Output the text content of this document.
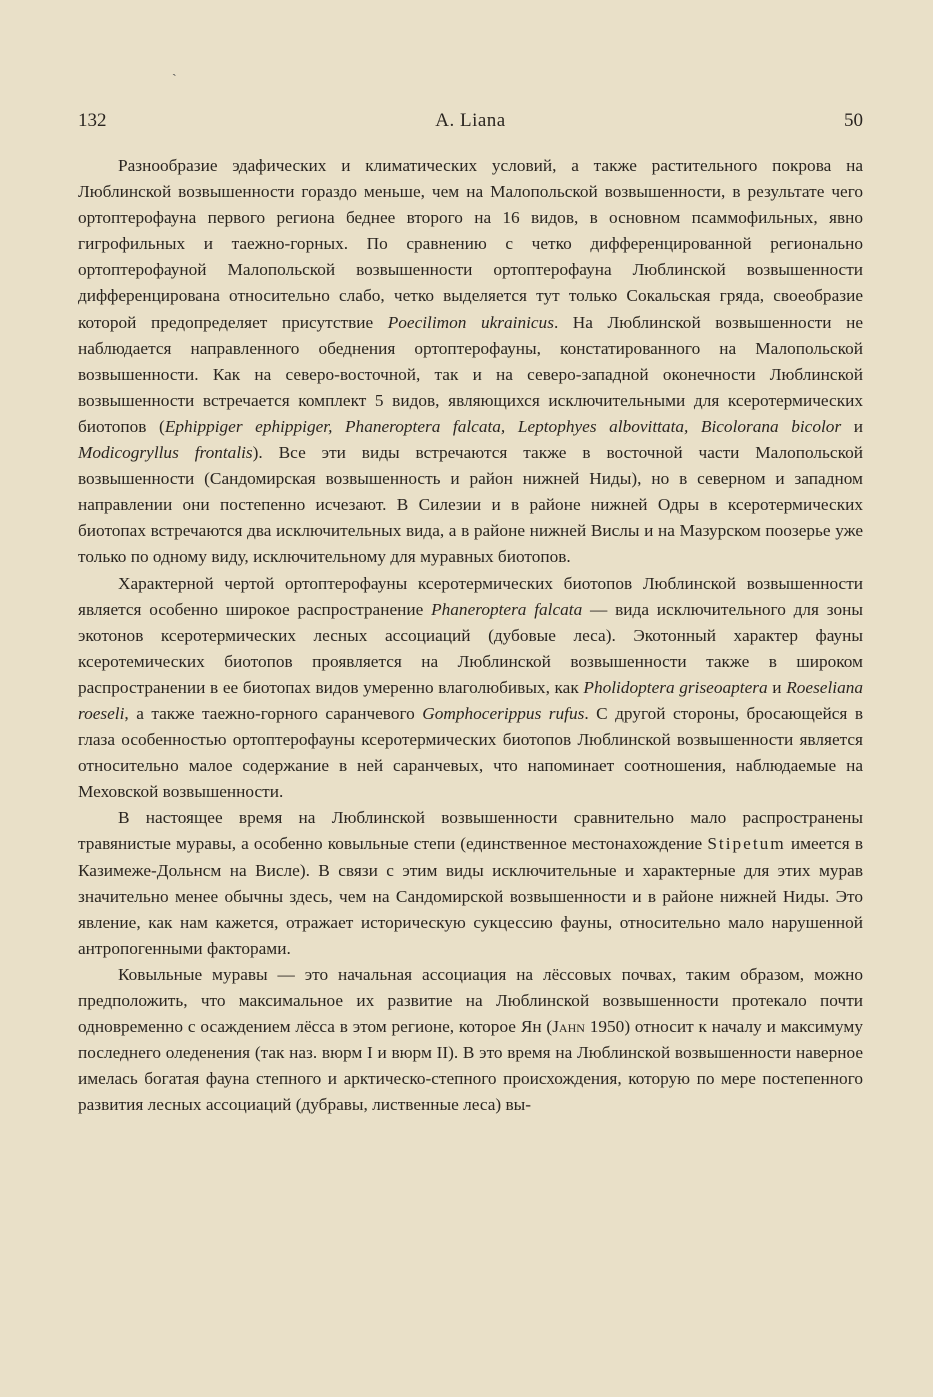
ˎ
132	A. Liana	50

Разнообразие эдафических и климатических условий, а также растительного покрова на Люблинской возвышенности гораздо меньше, чем на Малопольской возвышенности, в результате чего ортоптерофауна первого региона беднее второго на 16 видов, в основном псаммофильных, явно гигрофильных и таежно-горных. По сравнению с четко дифференцированной регионально ортоптерофауной Малопольской возвышенности ортоптерофауна Люблинской возвышенности дифференцирована относительно слабо, четко выделяется тут только Сокальская гряда, своеобразие которой предопределяет присутствие Poecilimon ukrainicus. На Люблинской возвышенности не наблюдается направленного обеднения ортоптерофауны, констатированного на Малопольской возвышенности. Как на северо-восточной, так и на северо-западной оконечности Люблинской возвышенности встречается комплект 5 видов, являющихся исключительными для ксеротермических биотопов (Ephippiger ephippiger, Phaneroptera falcata, Leptophyes albovittata, Bicolorana bicolor и Modicogryllus frontalis). Все эти виды встречаются также в восточной части Малопольской возвышенности (Сандомирская возвышенность и район нижней Ниды), но в северном и западном направлении они постепенно исчезают. В Силезии и в районе нижней Одры в ксеротермических биотопах встречаются два исключительных вида, а в районе нижней Вислы и на Мазурском поозерье уже только по одному виду, исключительному для муравных биотопов.

Характерной чертой ортоптерофауны ксеротермических биотопов Люблинской возвышенности является особенно широкое распространение Phaneroptera falcata — вида исключительного для зоны экотонов ксеротермических лесных ассоциаций (дубовые леса). Экотонный характер фауны ксеротемических биотопов проявляется на Люблинской возвышенности также в широком распространении в ее биотопах видов умеренно влаголюбивых, как Pholidoptera griseoaptera и Roeseliana roeseli, а также таежно-горного саранчевого Gomphocerippus rufus. С другой стороны, бросающейся в глаза особенностью ортоптерофауны ксеротермических биотопов Люблинской возвышенности является относительно малое содержание в ней саранчевых, что напоминает соотношения, наблюдаемые на Меховской возвышенности.

В настоящее время на Люблинской возвышенности сравнительно мало распространены травянистые муравы, а особенно ковыльные степи (единственное местонахождение Stipetum имеется в Казимеже-Дольнсм на Висле). В связи с этим виды исключительные и характерные для этих мурав значительно менее обычны здесь, чем на Сандомирской возвышенности и в районе нижней Ниды. Это явление, как нам кажется, отражает историческую сукцессию фауны, относительно мало нарушенной антропогенными факторами.

Ковыльные муравы — это начальная ассоциация на лёссовых почвах, таким образом, можно предположить, что максимальное их развитие на Люблинской возвышенности протекало почти одновременно с осаждением лёсса в этом регионе, которое Ян (Jahn 1950) относит к началу и максимуму последнего оледенения (так наз. вюрм I и вюрм II). В это время на Люблинской возвышенности наверное имелась богатая фауна степного и арктическо-степного происхождения, которую по мере постепенного развития лесных ассоциаций (дубравы, лиственные леса) вы-
